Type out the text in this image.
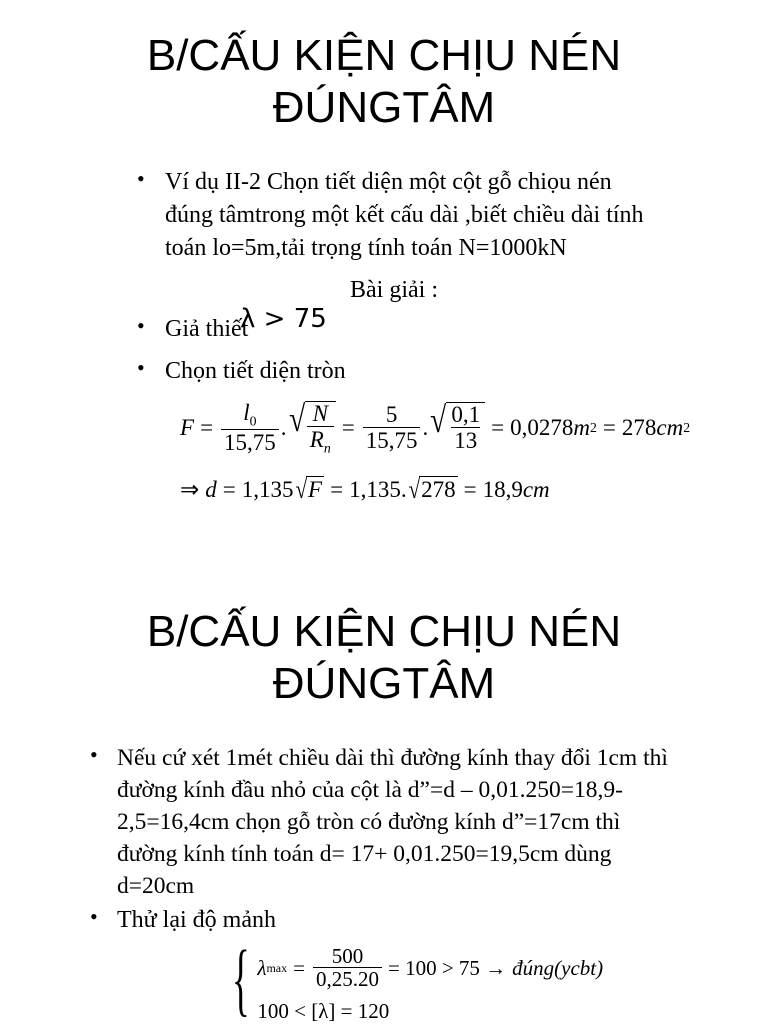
B/CẤU KIỆN CHỊU NÉN
ĐÚNGTÂM
• Ví dụ II-2 Chọn tiết diện một cột gỗ chiọu nén
đúng tâmtrong một kết cấu dài ,biết chiều dài tính
toán lo=5m,tải trọng tính toán N=1000kN
Bài giải :
• Giả thiết
λ > 75
• Chọn tiết diện tròn
$F = \frac{l_0}{15,75}$ . √ $\frac{N}{R_n} = \frac{5}{15,75}$ . √ $\frac{0,1}{13} = 0,0278$ m 2 = 278 cm 2
⇒ d = 1,135 √ F = 1,135. √ 278 = 18,9 cm
B/CẤU KIỆN CHỊU NÉN
ĐÚNGTÂM
• Nếu cứ xét 1mét chiều dài thì đường kính thay đổi 1cm thì
đường kính đầu nhỏ của cột là d”=d – 0,01.250=18,9-
2,5=16,4cm chọn gỗ tròn có đường kính d”=17cm thì
đường kính tính toán d= 17+ 0,01.250=19,5cm dùng
d=20cm
• Thử lại độ mảnh
{ λ $\max = \frac{500}{0,25.20} = 100 > 75$ → đúng(ycbt)
100 < [λ] = 120
